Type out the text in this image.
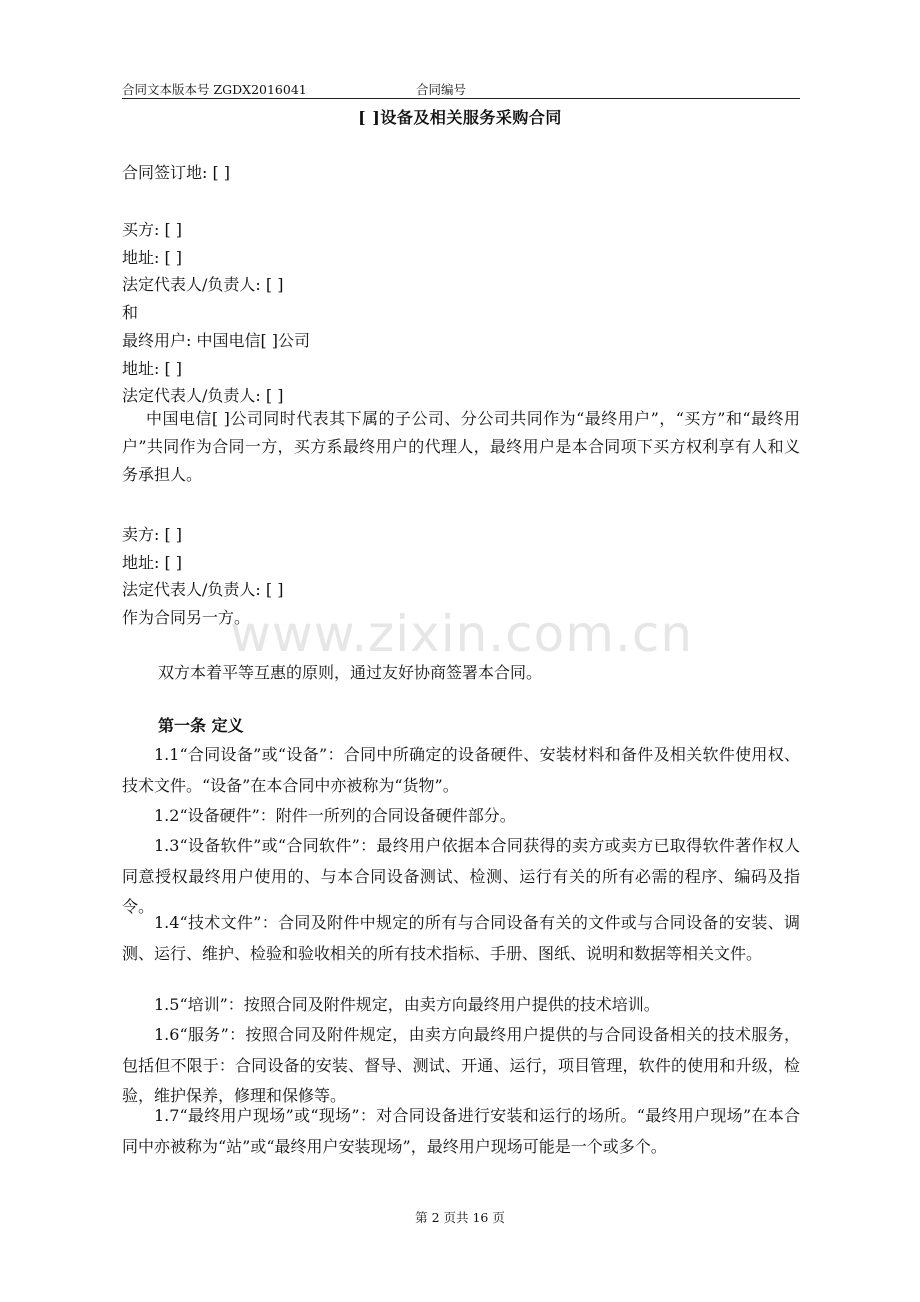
合同文本版本号 ZGDX2016041	合同编号
[ ]设备及相关服务采购合同
合同签订地: [ ]
买方: [ ]
地址: [ ]
法定代表人/负责人: [ ]
和
最终用户: 中国电信[ ]公司
地址: [ ]
法定代表人/负责人: [ ]
中国电信[ ]公司同时代表其下属的子公司、分公司共同作为“最终用户”，“买方”和“最终用户”共同作为合同一方，买方系最终用户的代理人，最终用户是本合同项下买方权利享有人和义务承担人。
卖方: [ ]
地址: [ ]
法定代表人/负责人: [ ]
作为合同另一方。
www.zixin.com.cn
双方本着平等互惠的原则，通过友好协商签署本合同。
第一条 定义
1.1“合同设备”或“设备”：合同中所确定的设备硬件、安装材料和备件及相关软件使用权、技术文件。“设备”在本合同中亦被称为“货物”。
1.2“设备硬件”：附件一所列的合同设备硬件部分。
1.3“设备软件”或“合同软件”：最终用户依据本合同获得的卖方或卖方已取得软件著作权人同意授权最终用户使用的、与本合同设备测试、检测、运行有关的所有必需的程序、编码及指令。
1.4“技术文件”：合同及附件中规定的所有与合同设备有关的文件或与合同设备的安装、调测、运行、维护、检验和验收相关的所有技术指标、手册、图纸、说明和数据等相关文件。
1.5“培训”：按照合同及附件规定，由卖方向最终用户提供的技术培训。
1.6“服务”：按照合同及附件规定，由卖方向最终用户提供的与合同设备相关的技术服务，包括但不限于：合同设备的安装、督导、测试、开通、运行，项目管理，软件的使用和升级，检验，维护保养，修理和保修等。
1.7“最终用户现场”或“现场”：对合同设备进行安装和运行的场所。“最终用户现场”在本合同中亦被称为“站”或“最终用户安装现场”，最终用户现场可能是一个或多个。
第 2 页共 16 页
